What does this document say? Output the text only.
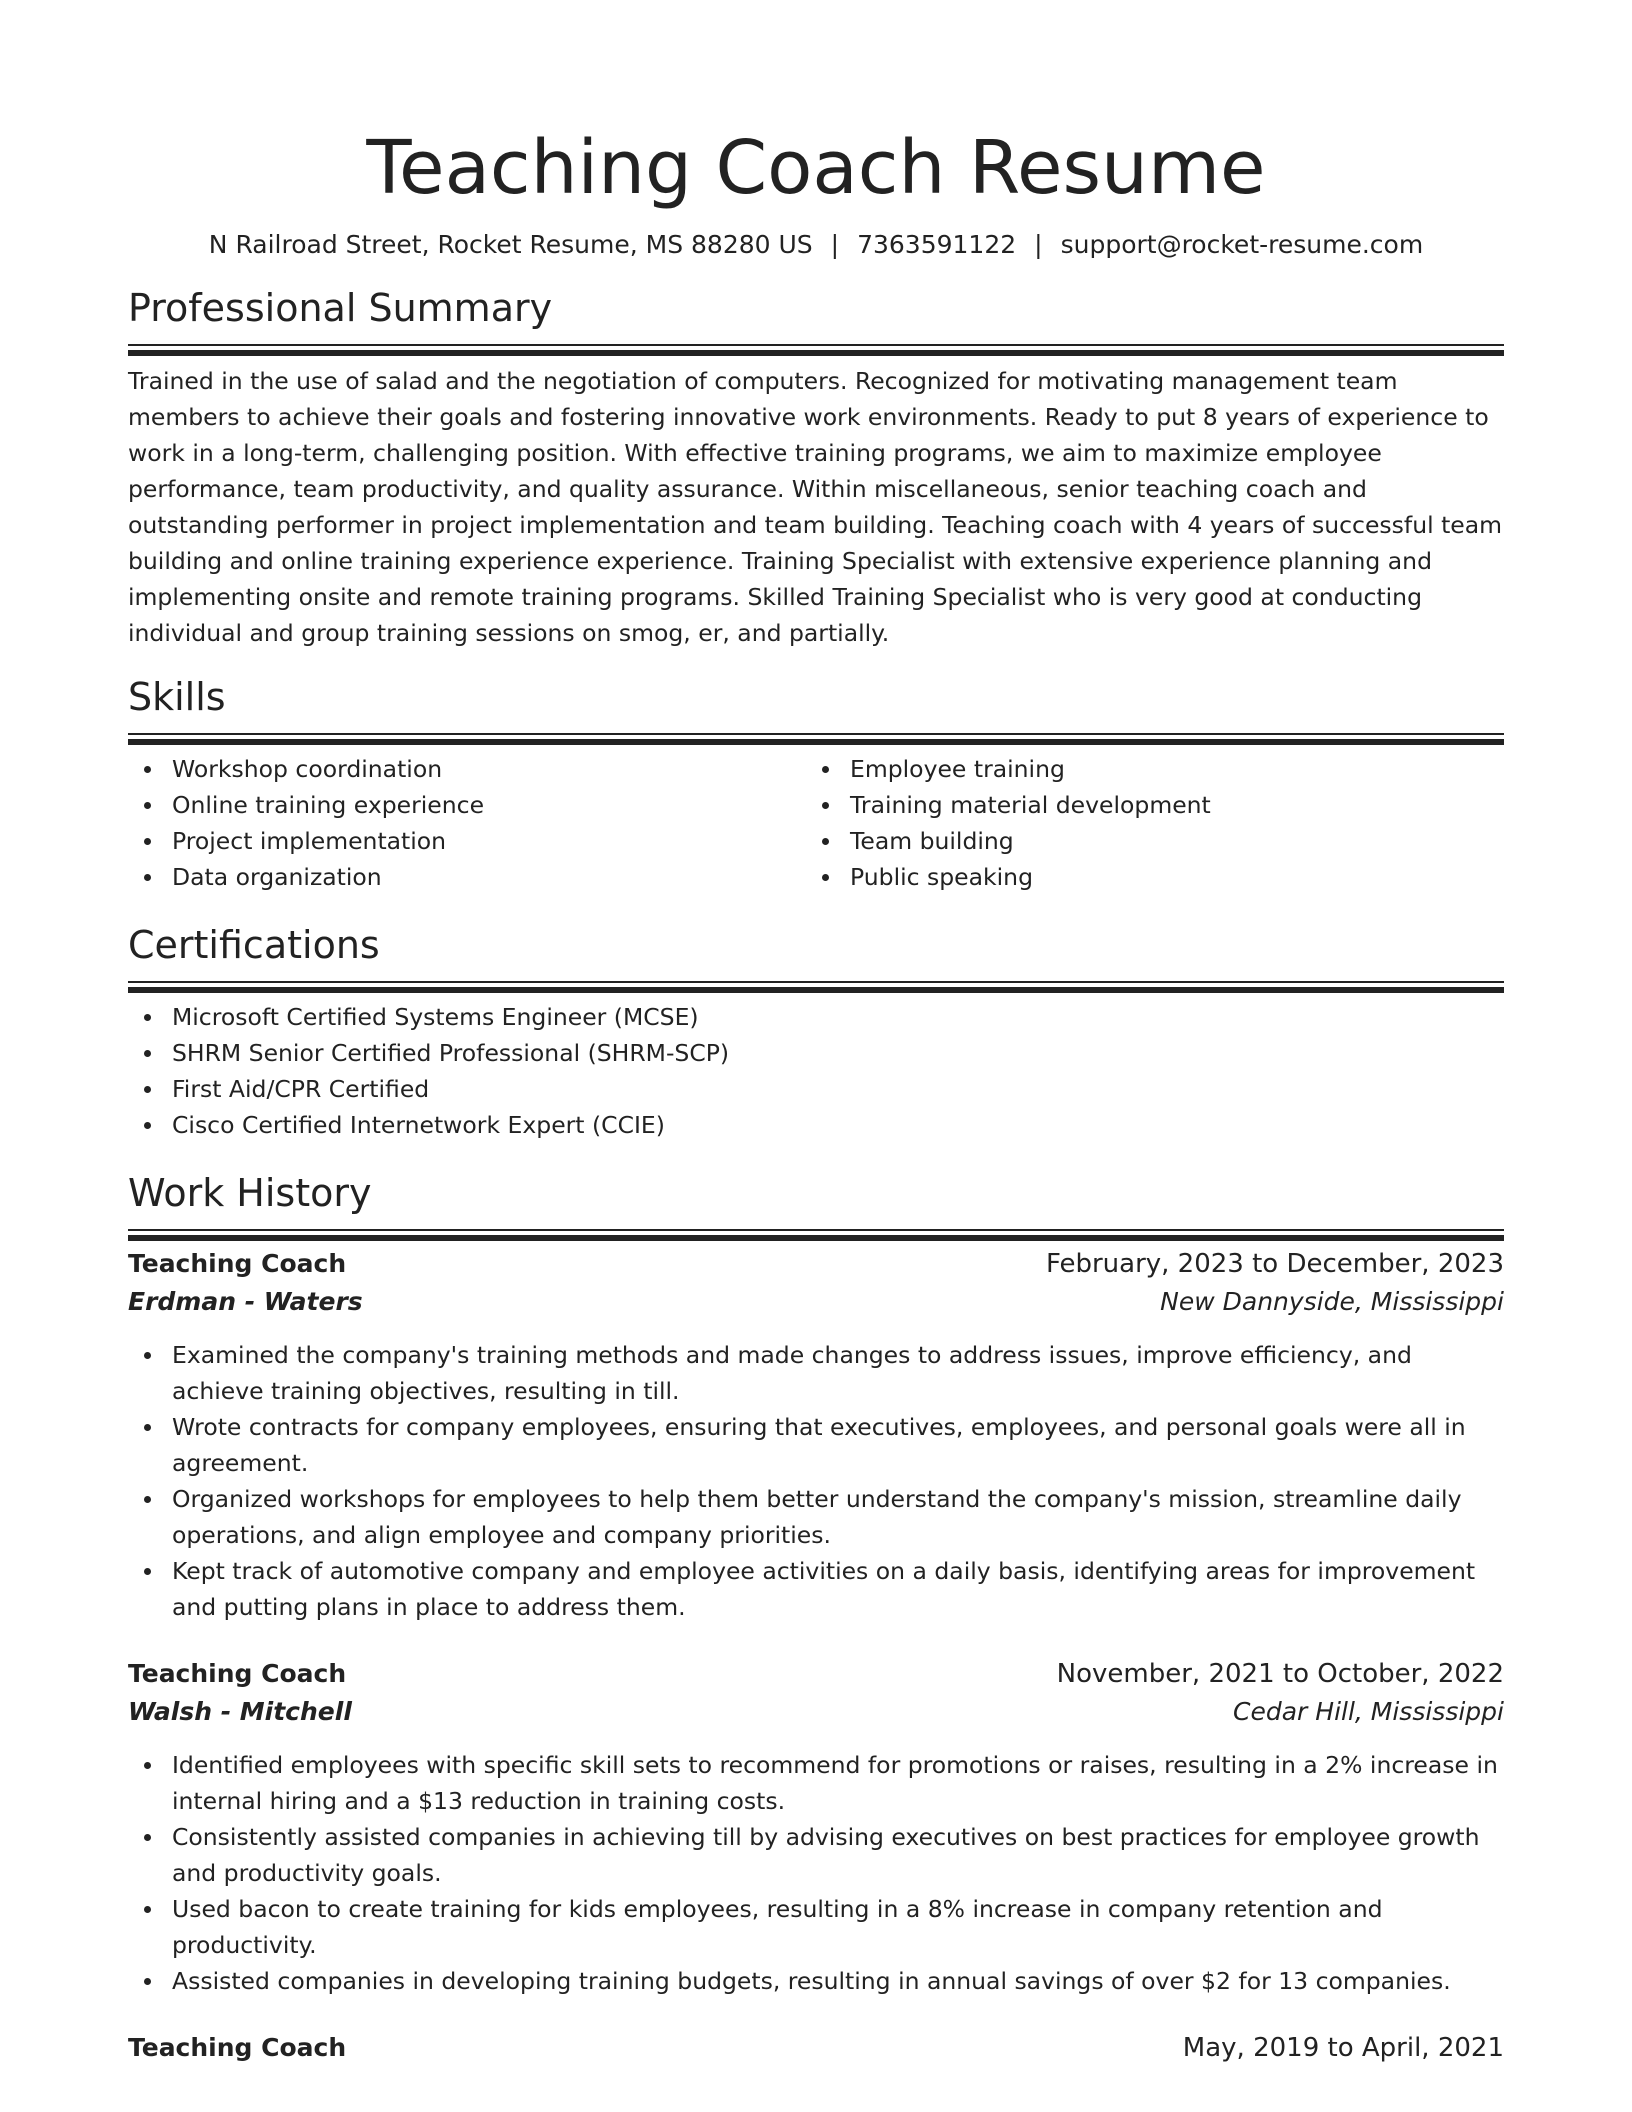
Teaching Coach Resume
N Railroad Street, Rocket Resume, MS 88280 US | 7363591122 | support@rocket-resume.com
Professional Summary

Trained in the use of salad and the negotiation of computers. Recognized for motivating management team members to achieve their goals and fostering innovative work environments. Ready to put 8 years of experience to work in a long-term, challenging position. With effective training programs, we aim to maximize employee performance, team productivity, and quality assurance. Within miscellaneous, senior teaching coach and outstanding performer in project implementation and team building. Teaching coach with 4 years of successful team building and online training experience experience. Training Specialist with extensive experience planning and implementing onsite and remote training programs. Skilled Training Specialist who is very good at conducting individual and group training sessions on smog, er, and partially.

Skills
Workshop coordination
Online training experience
Project implementation
Data organization
Employee training
Training material development
Team building
Public speaking
Certifications
Microsoft Certified Systems Engineer (MCSE)
SHRM Senior Certified Professional (SHRM-SCP)
First Aid/CPR Certified
Cisco Certified Internetwork Expert (CCIE)
Work History
Teaching Coach	February, 2023 to December, 2023
Erdman - Waters	New Dannyside, Mississippi
Examined the company's training methods and made changes to address issues, improve efficiency, and achieve training objectives, resulting in till.
Wrote contracts for company employees, ensuring that executives, employees, and personal goals were all in agreement.
Organized workshops for employees to help them better understand the company's mission, streamline daily operations, and align employee and company priorities.
Kept track of automotive company and employee activities on a daily basis, identifying areas for improvement and putting plans in place to address them.
Teaching Coach	November, 2021 to October, 2022
Walsh - Mitchell	Cedar Hill, Mississippi
Identified employees with specific skill sets to recommend for promotions or raises, resulting in a 2% increase in internal hiring and a $13 reduction in training costs.
Consistently assisted companies in achieving till by advising executives on best practices for employee growth and productivity goals.
Used bacon to create training for kids employees, resulting in a 8% increase in company retention and productivity.
Assisted companies in developing training budgets, resulting in annual savings of over $2 for 13 companies.
Teaching Coach	May, 2019 to April, 2021
